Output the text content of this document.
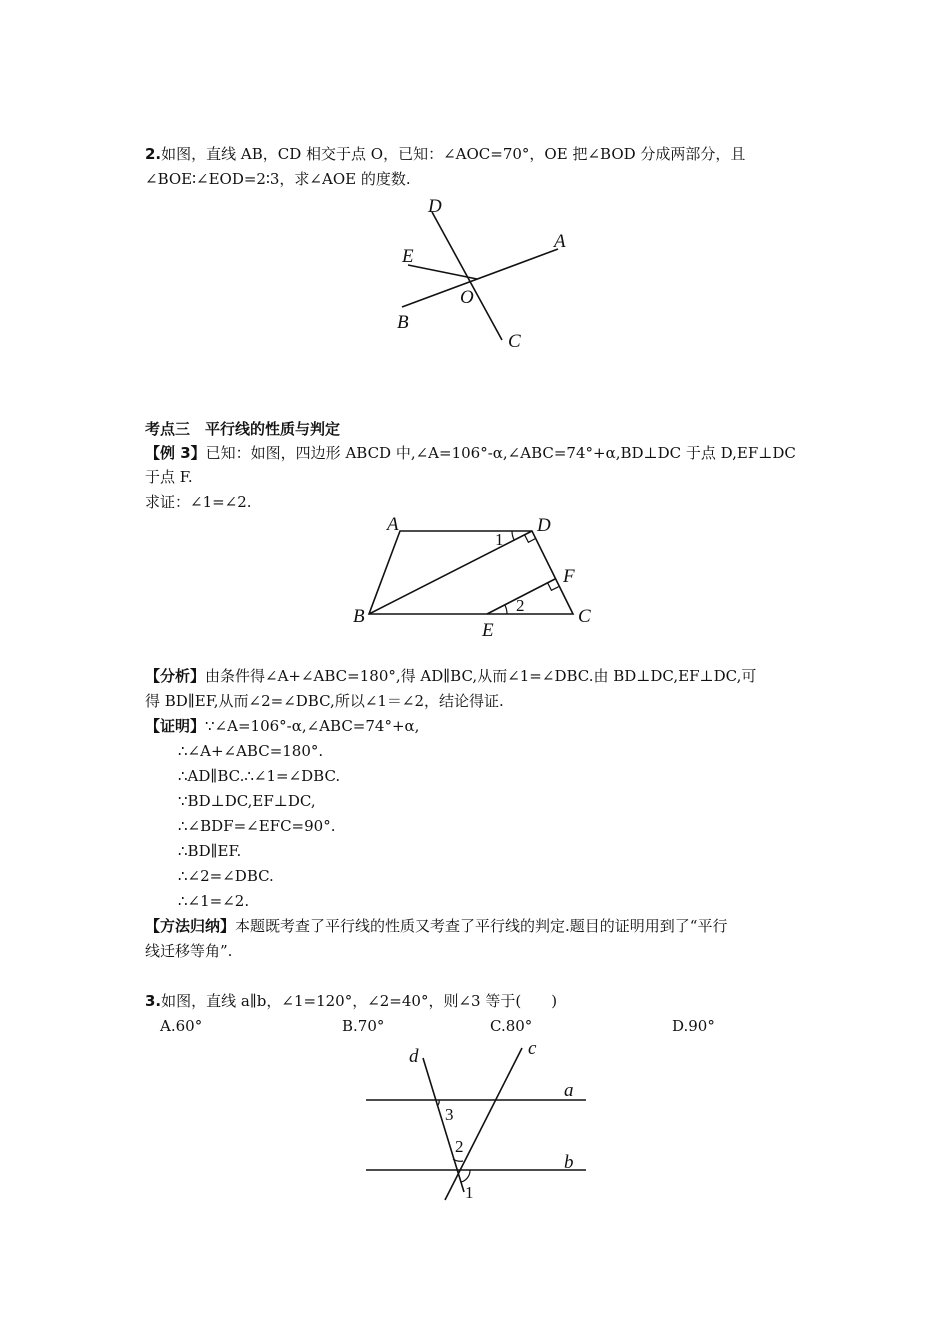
2.如图，直线 AB，CD 相交于点 O，已知：∠AOC=70°，OE 把∠BOD 分成两部分，且
∠BOE∶∠EOD=2∶3，求∠AOE 的度数.
D
A
E
O
B
C
考点三　平行线的性质与判定
【例 3】已知：如图，四边形 ABCD 中,∠A=106°-α,∠ABC=74°+α,BD⊥DC 于点 D,EF⊥DC
于点 F.
求证：∠1=∠2.
A	D
F
B
E
C
1
2
【分析】由条件得∠A+∠ABC=180°,得 AD∥BC,从而∠1=∠DBC.由 BD⊥DC,EF⊥DC,可
得 BD∥EF,从而∠2=∠DBC,所以∠1＝∠2，结论得证.
【证明】∵∠A=106°-α,∠ABC=74°+α,
∴∠A+∠ABC=180°.
∴AD∥BC.∴∠1=∠DBC.
∵BD⊥DC,EF⊥DC,
∴∠BDF=∠EFC=90°.
∴BD∥EF.
∴∠2=∠DBC.
∴∠1=∠2.
【方法归纳】本题既考查了平行线的性质又考查了平行线的判定.题目的证明用到了“平行
线迁移等角”.
3.如图，直线 a∥b，∠1=120°，∠2=40°，则∠3 等于(　　)
A.60°	B.70°	C.80°	D.90°
d	c
a
b
3
2
1
